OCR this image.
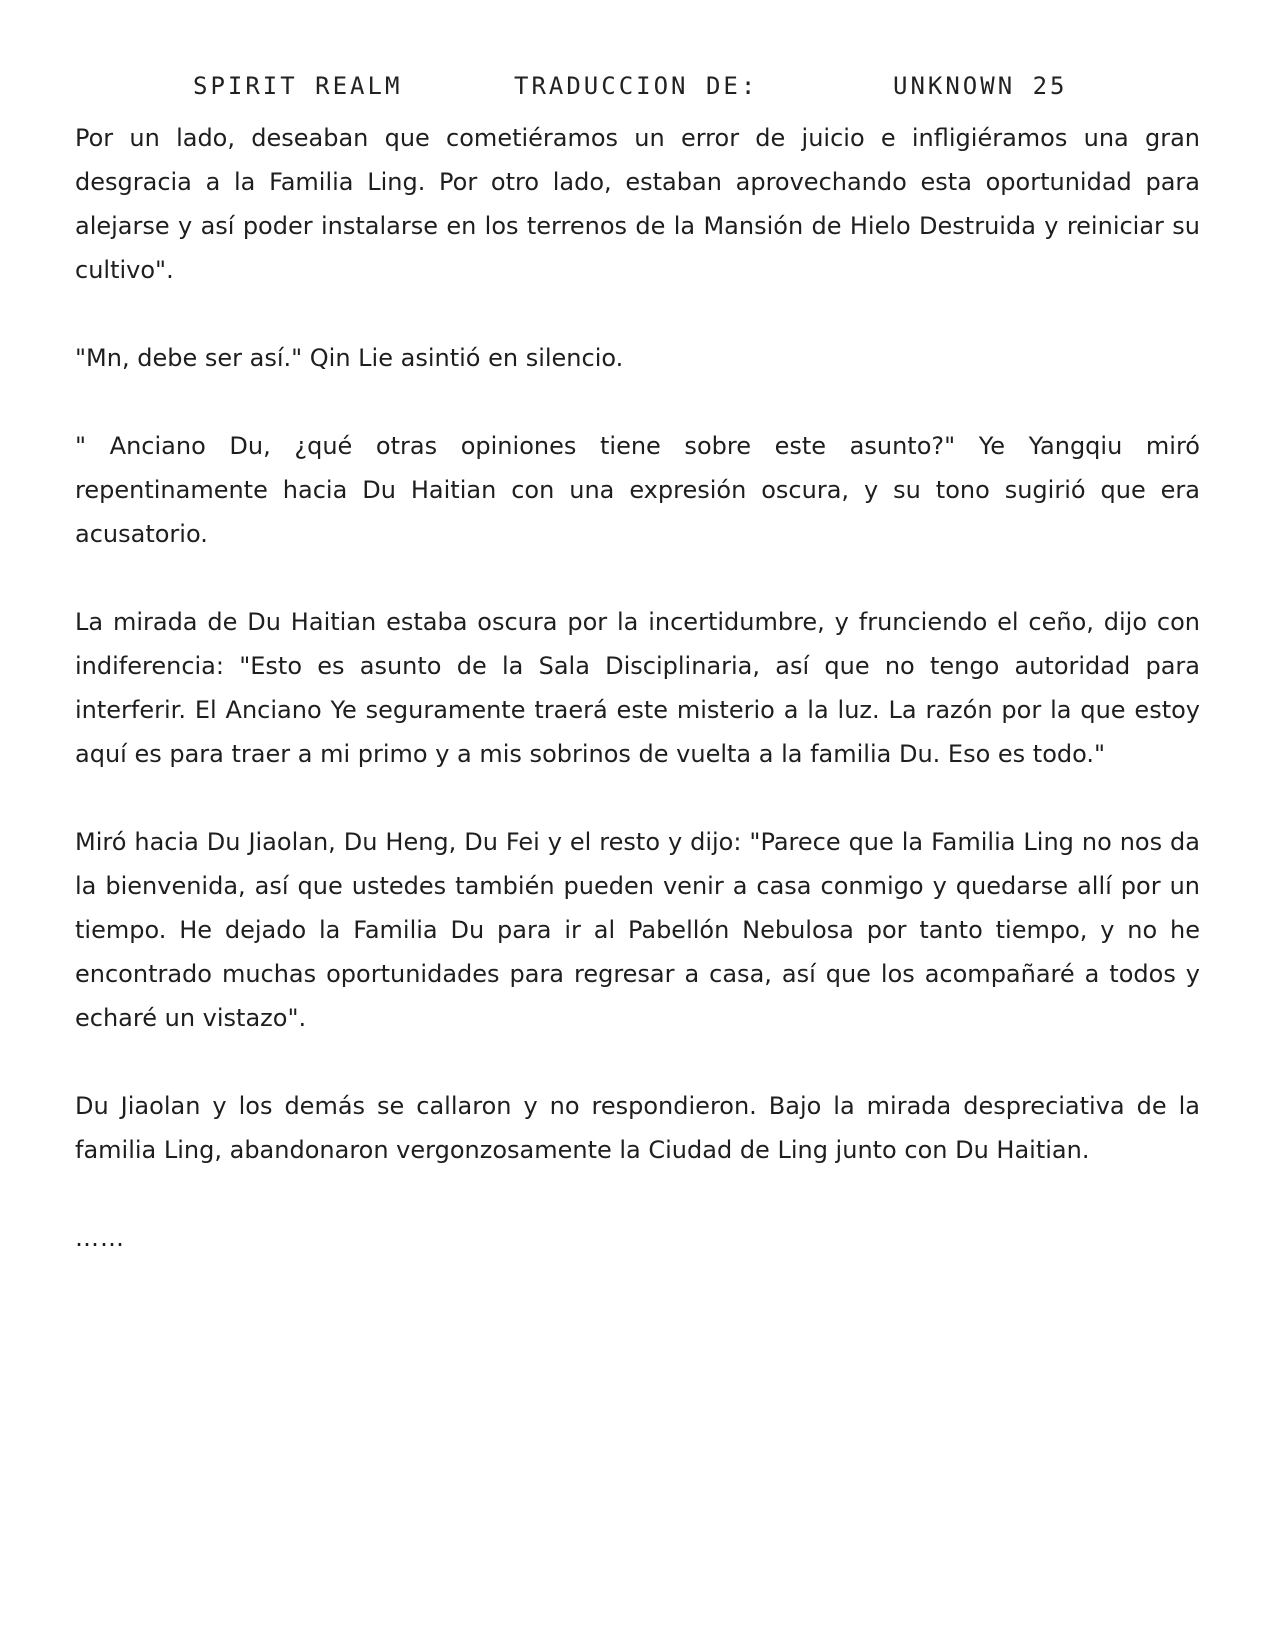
SPIRIT REALM	TRADUCCION DE:	UNKNOWN 25

Por un lado, deseaban que cometiéramos un error de juicio e infligiéramos una gran desgracia a la Familia Ling. Por otro lado, estaban aprovechando esta oportunidad para alejarse y así poder instalarse en los terrenos de la Mansión de Hielo Destruida y reiniciar su cultivo".

"Mn, debe ser así." Qin Lie asintió en silencio.

" Anciano Du, ¿qué otras opiniones tiene sobre este asunto?" Ye Yangqiu miró repentinamente hacia Du Haitian con una expresión oscura, y su tono sugirió que era acusatorio.

La mirada de Du Haitian estaba oscura por la incertidumbre, y frunciendo el ceño, dijo con indiferencia: "Esto es asunto de la Sala Disciplinaria, así que no tengo autoridad para interferir. El Anciano Ye seguramente traerá este misterio a la luz. La razón por la que estoy aquí es para traer a mi primo y a mis sobrinos de vuelta a la familia Du. Eso es todo."

Miró hacia Du Jiaolan, Du Heng, Du Fei y el resto y dijo: "Parece que la Familia Ling no nos da la bienvenida, así que ustedes también pueden venir a casa conmigo y quedarse allí por un tiempo. He dejado la Familia Du para ir al Pabellón Nebulosa por tanto tiempo, y no he encontrado muchas oportunidades para regresar a casa, así que los acompañaré a todos y echaré un vistazo".

Du Jiaolan y los demás se callaron y no respondieron. Bajo la mirada despreciativa de la familia Ling, abandonaron vergonzosamente la Ciudad de Ling junto con Du Haitian.

……
